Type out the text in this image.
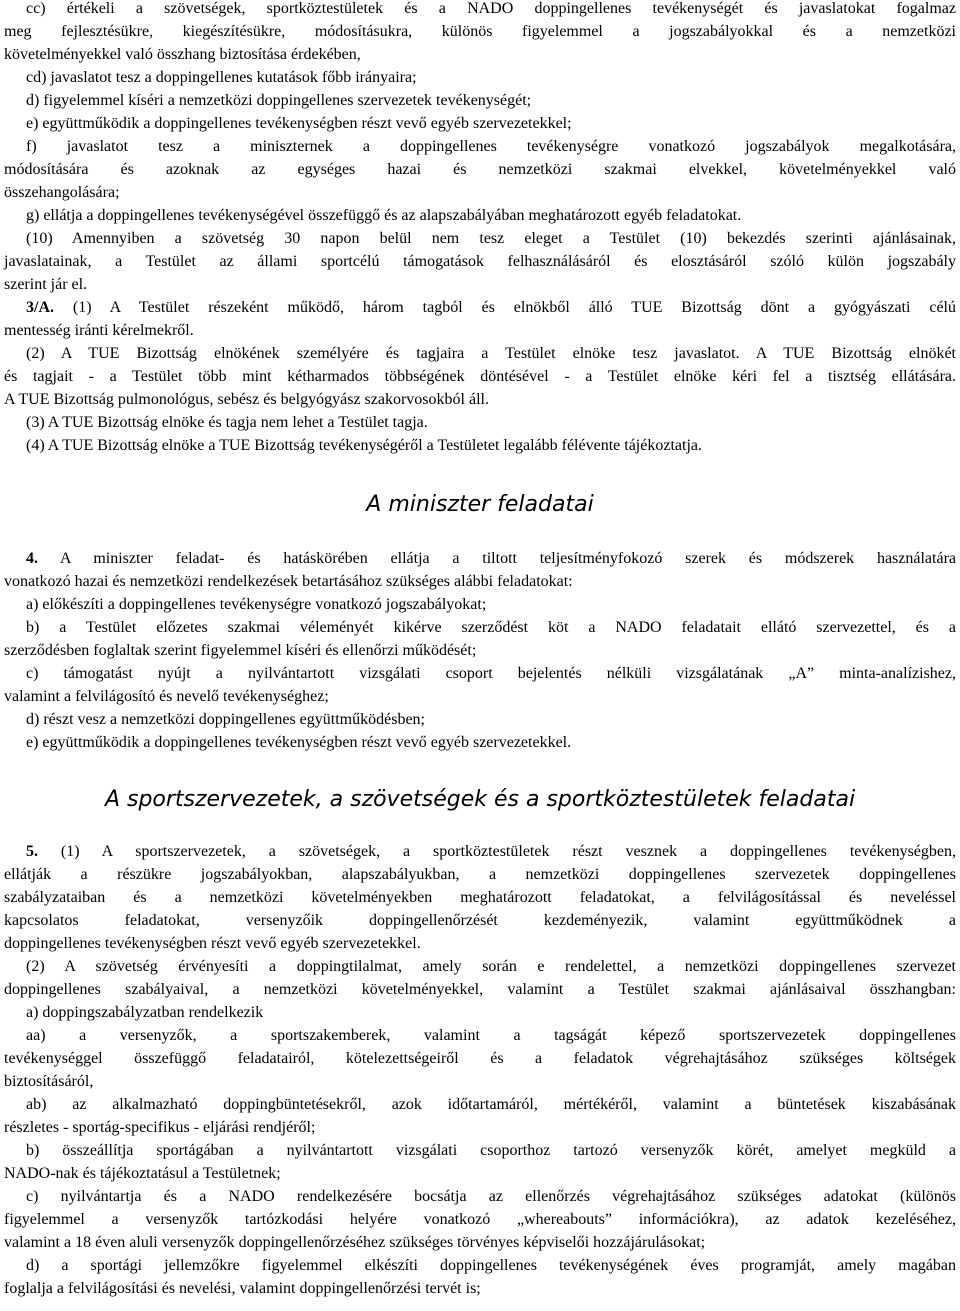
cc) értékeli a szövetségek, sportköztestületek és a NADO doppingellenes tevékenységét és javaslatokat fogalmaz
meg fejlesztésükre, kiegészítésükre, módosításukra, különös figyelemmel a jogszabályokkal és a nemzetközi
követelményekkel való összhang biztosítása érdekében,
cd) javaslatot tesz a doppingellenes kutatások főbb irányaira;
d) figyelemmel kíséri a nemzetközi doppingellenes szervezetek tevékenységét;
e) együttműködik a doppingellenes tevékenységben részt vevő egyéb szervezetekkel;
f) javaslatot tesz a miniszternek a doppingellenes tevékenységre vonatkozó jogszabályok megalkotására,
módosítására és azoknak az egységes hazai és nemzetközi szakmai elvekkel, követelményekkel való
összehangolására;
g) ellátja a doppingellenes tevékenységével összefüggő és az alapszabályában meghatározott egyéb feladatokat.
(10) Amennyiben a szövetség 30 napon belül nem tesz eleget a Testület (10) bekezdés szerinti ajánlásainak,
javaslatainak, a Testület az állami sportcélú támogatások felhasználásáról és elosztásáról szóló külön jogszabály
szerint jár el.
3/A. (1) A Testület részeként működő, három tagból és elnökből álló TUE Bizottság dönt a gyógyászati célú
mentesség iránti kérelmekről.
(2) A TUE Bizottság elnökének személyére és tagjaira a Testület elnöke tesz javaslatot. A TUE Bizottság elnökét
és tagjait - a Testület több mint kétharmados többségének döntésével - a Testület elnöke kéri fel a tisztség ellátására.
A TUE Bizottság pulmonológus, sebész és belgyógyász szakorvosokból áll.
(3) A TUE Bizottság elnöke és tagja nem lehet a Testület tagja.
(4) A TUE Bizottság elnöke a TUE Bizottság tevékenységéről a Testületet legalább félévente tájékoztatja.
A miniszter feladatai
4. A miniszter feladat- és hatáskörében ellátja a tiltott teljesítményfokozó szerek és módszerek használatára
vonatkozó hazai és nemzetközi rendelkezések betartásához szükséges alábbi feladatokat:
a) előkészíti a doppingellenes tevékenységre vonatkozó jogszabályokat;
b) a Testület előzetes szakmai véleményét kikérve szerződést köt a NADO feladatait ellátó szervezettel, és a
szerződésben foglaltak szerint figyelemmel kíséri és ellenőrzi működését;
c) támogatást nyújt a nyilvántartott vizsgálati csoport bejelentés nélküli vizsgálatának „A” minta-analízishez,
valamint a felvilágosító és nevelő tevékenységhez;
d) részt vesz a nemzetközi doppingellenes együttműködésben;
e) együttműködik a doppingellenes tevékenységben részt vevő egyéb szervezetekkel.
A sportszervezetek, a szövetségek és a sportköztestületek feladatai
5. (1) A sportszervezetek, a szövetségek, a sportköztestületek részt vesznek a doppingellenes tevékenységben,
ellátják a részükre jogszabályokban, alapszabályukban, a nemzetközi doppingellenes szervezetek doppingellenes
szabályzataiban és a nemzetközi követelményekben meghatározott feladatokat, a felvilágosítással és neveléssel
kapcsolatos feladatokat, versenyzőik doppingellenőrzését kezdeményezik, valamint együttműködnek a
doppingellenes tevékenységben részt vevő egyéb szervezetekkel.
(2) A szövetség érvényesíti a doppingtilalmat, amely során e rendelettel, a nemzetközi doppingellenes szervezet
doppingellenes szabályaival, a nemzetközi követelményekkel, valamint a Testület szakmai ajánlásaival összhangban:
a) doppingszabályzatban rendelkezik
aa) a versenyzők, a sportszakemberek, valamint a tagságát képező sportszervezetek doppingellenes
tevékenységgel összefüggő feladatairól, kötelezettségeiről és a feladatok végrehajtásához szükséges költségek
biztosításáról,
ab) az alkalmazható doppingbüntetésekről, azok időtartamáról, mértékéről, valamint a büntetések kiszabásának
részletes - sportág-specifikus - eljárási rendjéről;
b) összeállítja sportágában a nyilvántartott vizsgálati csoporthoz tartozó versenyzők körét, amelyet megküld a
NADO-nak és tájékoztatásul a Testületnek;
c) nyilvántartja és a NADO rendelkezésére bocsátja az ellenőrzés végrehajtásához szükséges adatokat (különös
figyelemmel a versenyzők tartózkodási helyére vonatkozó „whereabouts” információkra), az adatok kezeléséhez,
valamint a 18 éven aluli versenyzők doppingellenőrzéséhez szükséges törvényes képviselői hozzájárulásokat;
d) a sportági jellemzőkre figyelemmel elkészíti doppingellenes tevékenységének éves programját, amely magában
foglalja a felvilágosítási és nevelési, valamint doppingellenőrzési tervét is;
